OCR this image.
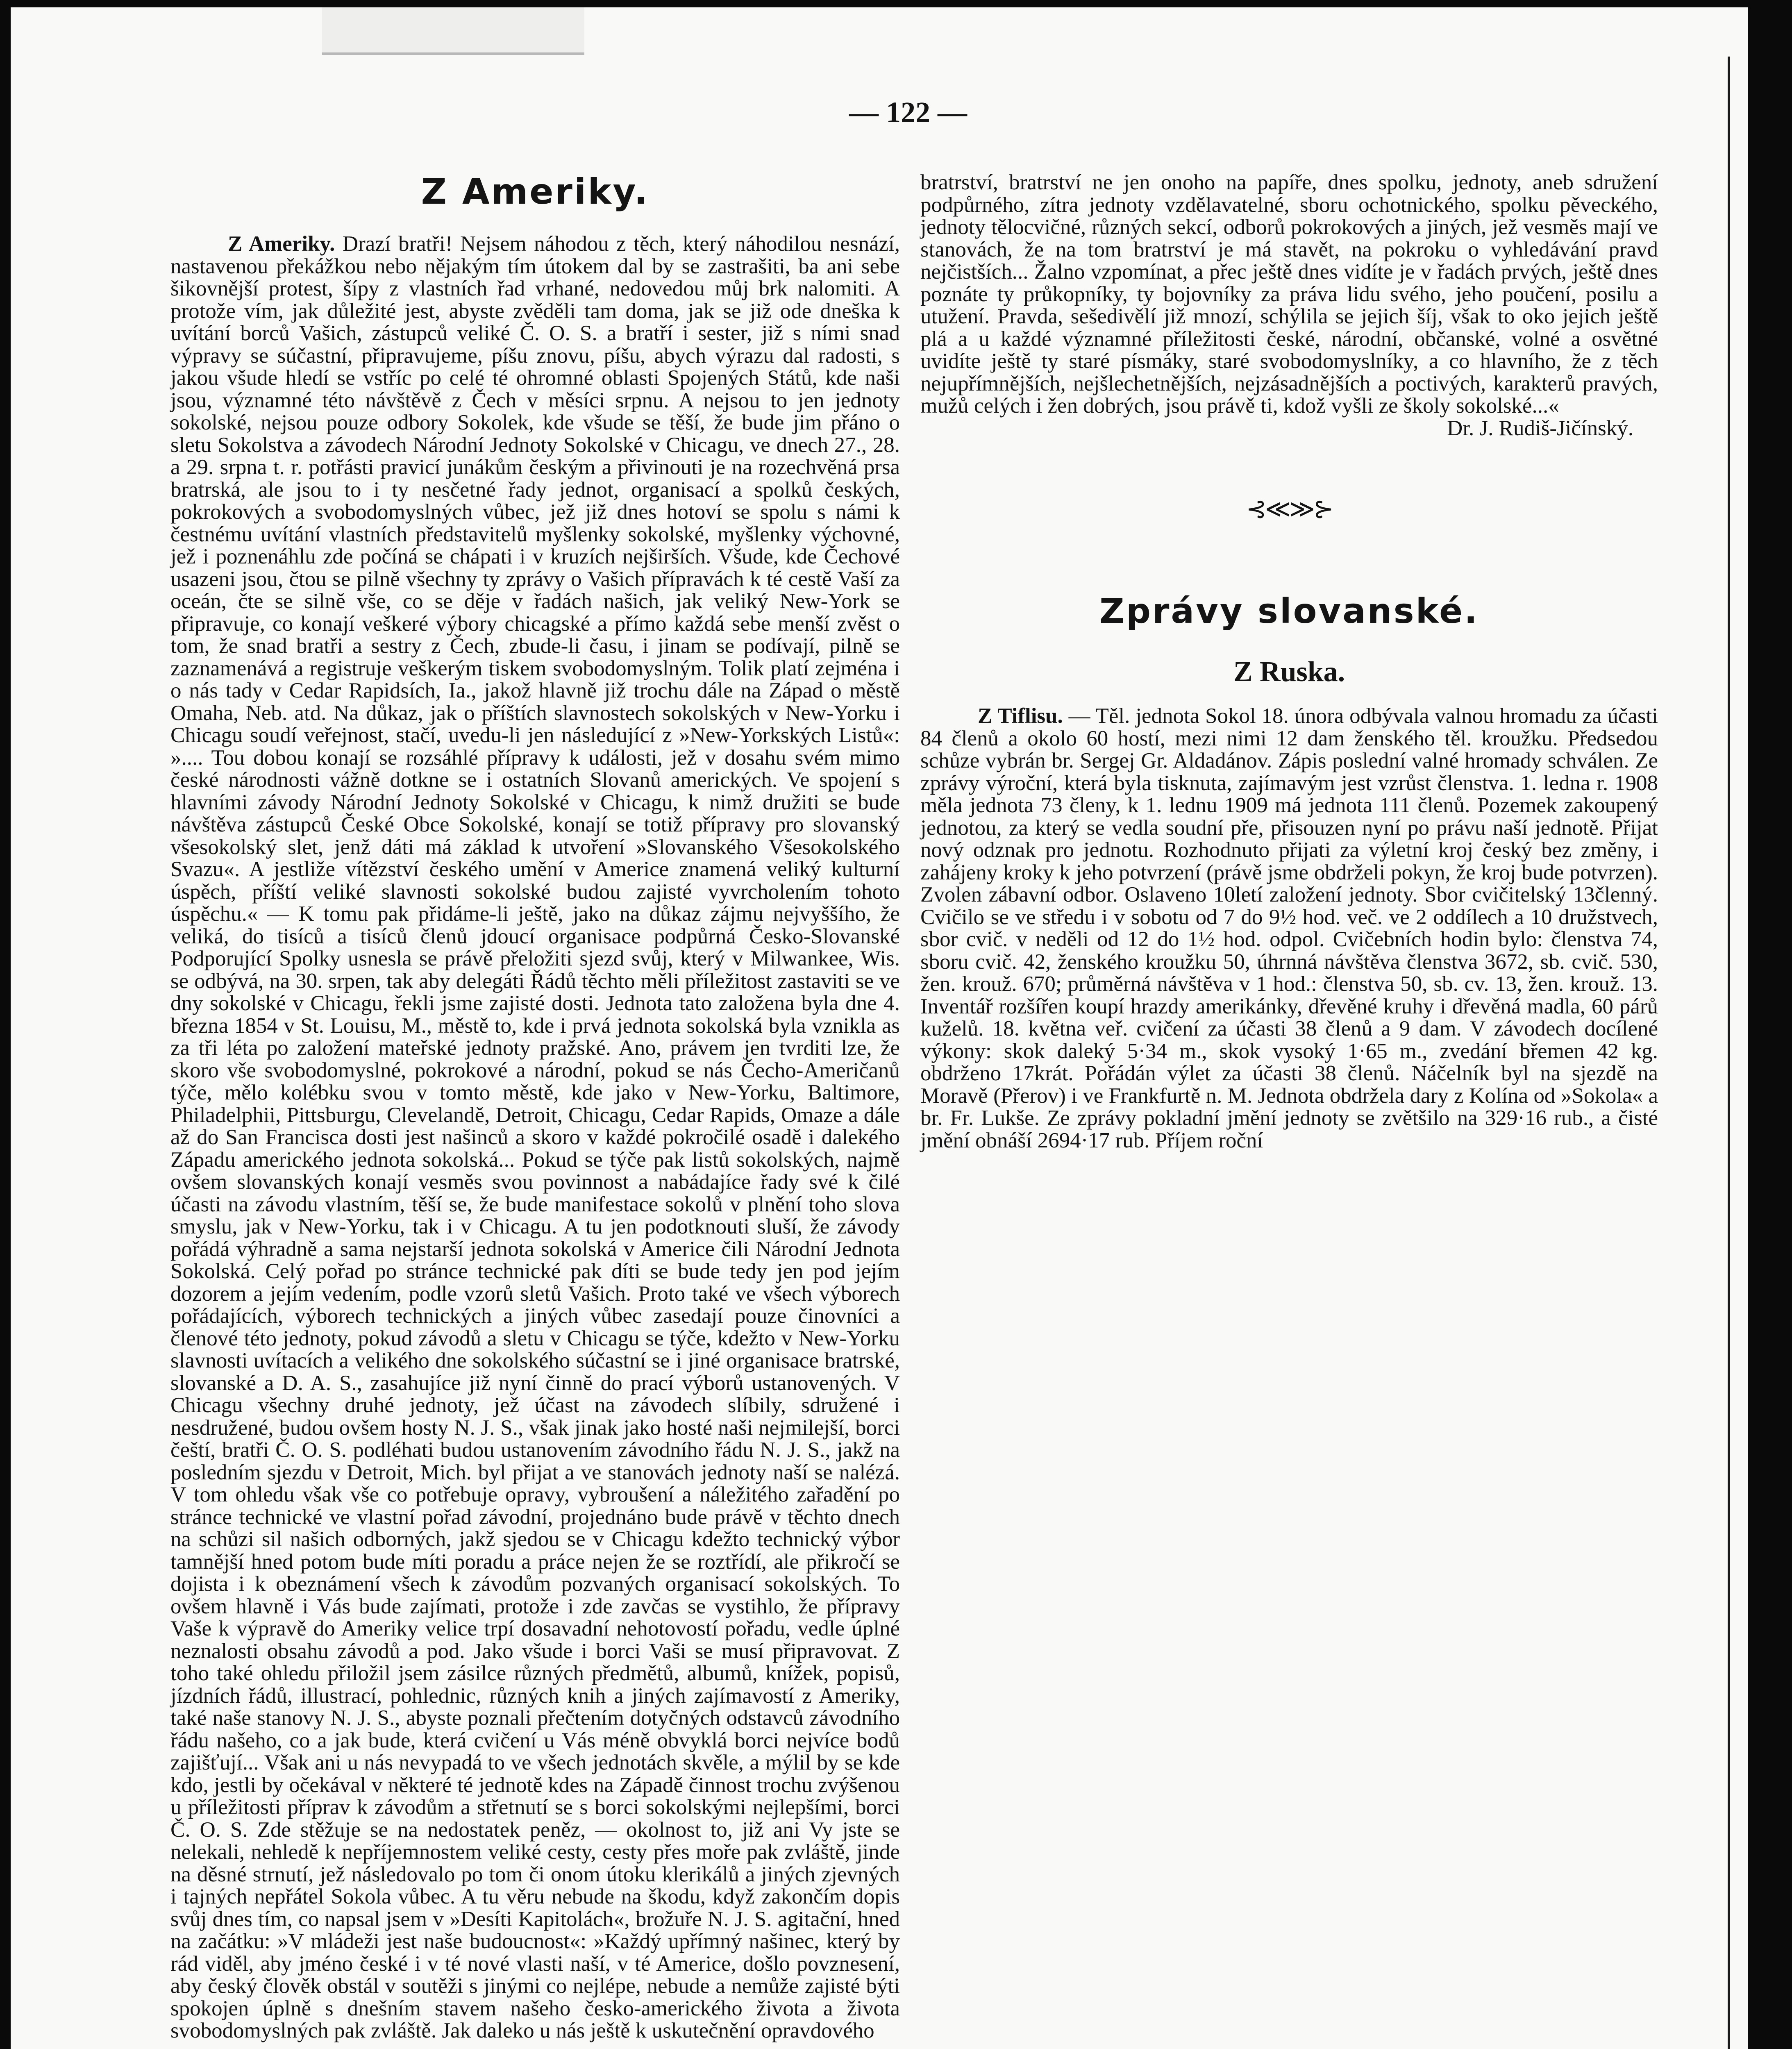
— 122 —
Z Ameriky.

Z Ameriky. Drazí bratři! Nejsem náhodou z těch, který náhodilou nesnází, nastavenou překážkou nebo nějakým tím útokem dal by se zastrašiti, ba ani sebe šikovnější protest, šípy z vlastních řad vrhané, nedovedou můj brk nalomiti. A protože vím, jak důležité jest, abyste zvěděli tam doma, jak se již ode dneška k uvítání borců Vašich, zástupců veliké Č. O. S. a bratří i sester, již s ními snad výpravy se súčastní, připravujeme, píšu znovu, píšu, abych výrazu dal radosti, s jakou všude hledí se vstříc po celé té ohromné oblasti Spojených Států, kde naši jsou, významné této návštěvě z Čech v měsíci srpnu. A nejsou to jen jednoty sokolské, nejsou pouze odbory Sokolek, kde všude se těší, že bude jim přáno o sletu Sokolstva a závodech Národní Jednoty Sokolské v Chicagu, ve dnech 27., 28. a 29. srpna t. r. potřásti pravicí junákům českým a přivinouti je na rozechvěná prsa bratrská, ale jsou to i ty nesčetné řady jednot, organisací a spolků českých, pokrokových a svobodomyslných vůbec, jež již dnes hotoví se spolu s námi k čestnému uvítání vlastních představitelů myšlenky sokolské, myšlenky výchovné, jež i poznenáhlu zde počíná se chápati i v kruzích nejširších. Všude, kde Čechové usazeni jsou, čtou se pilně všechny ty zprávy o Vašich přípravách k té cestě Vaší za oceán, čte se silně vše, co se děje v řadách našich, jak veliký New-York se připravuje, co konají veškeré výbory chicagské a přímo každá sebe menší zvěst o tom, že snad bratři a sestry z Čech, zbude-li času, i jinam se podívají, pilně se zaznamenává a registruje veškerým tiskem svobodomyslným. Tolik platí zejména i o nás tady v Cedar Rapidsích, Ia., jakož hlavně již trochu dále na Západ o městě Omaha, Neb. atd. Na důkaz, jak o příštích slavnostech sokolských v New-Yorku i Chicagu soudí veřejnost, stačí, uvedu-li jen následující z »New-Yorkských Listů«: ».... Tou dobou konají se rozsáhlé přípravy k události, jež v dosahu svém mimo české národnosti vážně dotkne se i ostatních Slovanů amerických. Ve spojení s hlavními závody Národní Jednoty Sokolské v Chicagu, k nimž družiti se bude návštěva zástupců České Obce Sokolské, konají se totiž přípravy pro slovanský všesokolský slet, jenž dáti má základ k utvoření »Slovanského Všesokolského Svazu«. A jestliže vítězství českého umění v Americe znamená veliký kulturní úspěch, příští veliké slavnosti sokolské budou zajisté vyvrcholením tohoto úspěchu.« — K tomu pak přidáme-li ještě, jako na důkaz zájmu nejvyššího, že veliká, do tisíců a tisíců členů jdoucí organisace podpůrná Česko-Slovanské Podporující Spolky usnesla se právě přeložiti sjezd svůj, který v Milwankee, Wis. se odbývá, na 30. srpen, tak aby delegáti Řádů těchto měli příležitost zastaviti se ve dny sokolské v Chicagu, řekli jsme zajisté dosti. Jednota tato založena byla dne 4. března 1854 v St. Louisu, M., městě to, kde i prvá jednota sokolská byla vznikla as za tři léta po založení mateřské jednoty pražské. Ano, právem jen tvrditi lze, že skoro vše svobodomyslné, pokrokové a národní, pokud se nás Čecho-Američanů týče, mělo kolébku svou v tomto městě, kde jako v New-Yorku, Baltimore, Philadelphii, Pittsburgu, Clevelandě, Detroit, Chicagu, Cedar Rapids, Omaze a dále až do San Francisca dosti jest našinců a skoro v každé pokročilé osadě i dalekého Západu amerického jednota sokolská... Pokud se týče pak listů sokolských, najmě ovšem slovanských konají vesměs svou povinnost a nabádajíce řady své k čilé účasti na závodu vlastním, těší se, že bude manifestace sokolů v plnění toho slova smyslu, jak v New-Yorku, tak i v Chicagu. A tu jen podotknouti sluší, že závody pořádá výhradně a sama nejstarší jednota sokolská v Americe čili Národní Jednota Sokolská. Celý pořad po stránce technické pak díti se bude tedy jen pod jejím dozorem a jejím vedením, podle vzorů sletů Vašich. Proto také ve všech výborech pořádajících, výborech technických a jiných vůbec zasedají pouze činovníci a členové této jednoty, pokud závodů a sletu v Chicagu se týče, kdežto v New-Yorku slavnosti uvítacích a velikého dne sokolského súčastní se i jiné organisace bratrské, slovanské a D. A. S., zasahujíce již nyní činně do prací výborů ustanovených. V Chicagu všechny druhé jednoty, jež účast na závodech slíbily, sdružené i nesdružené, budou ovšem hosty N. J. S., však jinak jako hosté naši nejmilejší, borci čeští, bratři Č. O. S. podléhati budou ustanovením závodního řádu N. J. S., jakž na posledním sjezdu v Detroit, Mich. byl přijat a ve stanovách jednoty naší se nalézá. V tom ohledu však vše co potřebuje opravy, vybroušení a náležitého zařadění po stránce technické ve vlastní pořad závodní, projednáno bude právě v těchto dnech na schůzi sil našich odborných, jakž sjedou se v Chicagu kdežto technický výbor tamnější hned potom bude míti poradu a práce nejen že se roztřídí, ale přikročí se dojista i k obeznámení všech k závodům pozvaných organisací sokolských. To ovšem hlavně i Vás bude zajímati, protože i zde zavčas se vystihlo, že přípravy Vaše k výpravě do Ameriky velice trpí dosavadní nehotovostí pořadu, vedle úplné neznalosti obsahu závodů a pod. Jako všude i borci Vaši se musí připravovat. Z toho také ohledu přiložil jsem zásilce různých předmětů, albumů, knížek, popisů, jízdních řádů, illustrací, pohlednic, různých knih a jiných zajímavostí z Ameriky, také naše stanovy N. J. S., abyste poznali přečtením dotyčných odstavců závodního řádu našeho, co a jak bude, která cvičení u Vás méně obvyklá borci nejvíce bodů zajišťují... Však ani u nás nevypadá to ve všech jednotách skvěle, a mýlil by se kde kdo, jestli by očekával v některé té jednotě kdes na Západě činnost trochu zvýšenou u příležitosti příprav k závodům a střetnutí se s borci sokolskými nejlepšími, borci Č. O. S. Zde stěžuje se na nedostatek peněz, — okolnost to, již ani Vy jste se nelekali, nehledě k nepříjemnostem veliké cesty, cesty přes moře pak zvláště, jinde na děsné strnutí, jež následovalo po tom či onom útoku klerikálů a jiných zjevných i tajných nepřátel Sokola vůbec. A tu věru nebude na škodu, když zakončím dopis svůj dnes tím, co napsal jsem v »Desíti Kapitolách«, brožuře N. J. S. agitační, hned na začátku: »V mládeži jest naše budoucnost«: »Každý upřímný našinec, který by rád viděl, aby jméno české i v té nové vlasti naší, v té Americe, došlo povznesení, aby český člověk obstál v soutěži s jinými co nejlépe, nebude a nemůže zajisté býti spokojen úplně s dnešním stavem našeho česko-amerického života a života svobodomyslných pak zvláště. Jak daleko u nás ještě k uskutečnění opravdového

bratrství, bratrství ne jen onoho na papíře, dnes spolku, jednoty, aneb sdružení podpůrného, zítra jednoty vzdělavatelné, sboru ochotnického, spolku pěveckého, jednoty tělocvičné, různých sekcí, odborů pokrokových a jiných, jež vesměs mají ve stanovách, že na tom bratrství je má stavět, na pokroku o vyhledávání pravd nejčistších... Žalno vzpomínat, a přec ještě dnes vidíte je v řadách prvých, ještě dnes poznáte ty průkopníky, ty bojovníky za práva lidu svého, jeho poučení, posilu a utužení. Pravda, sešedivělí již mnozí, schýlila se jejich šíj, však to oko jejich ještě plá a u každé významné příležitosti české, národní, občanské, volné a osvětné uvidíte ještě ty staré písmáky, staré svobodomyslníky, a co hlavního, že z těch nejupřímnějších, nejšlechetnějších, nejzásadnějších a poctivých, karakterů pravých, mužů celých i žen dobrých, jsou právě ti, kdož vyšli ze školy sokolské...«

Dr. J. Rudiš-Jičínský.

⊰≪≫⊱
Zprávy slovanské.
Z Ruska.

Z Tiflisu. — Těl. jednota Sokol 18. února odbývala valnou hromadu za účasti 84 členů a okolo 60 hostí, mezi nimi 12 dam ženského těl. kroužku. Předsedou schůze vybrán br. Sergej Gr. Aldadánov. Zápis poslední valné hromady schválen. Ze zprávy výroční, která byla tisknuta, zajímavým jest vzrůst členstva. 1. ledna r. 1908 měla jednota 73 členy, k 1. lednu 1909 má jednota 111 členů. Pozemek zakoupený jednotou, za který se vedla soudní pře, přisouzen nyní po právu naší jednotě. Přijat nový odznak pro jednotu. Rozhodnuto přijati za výletní kroj český bez změny, i zahájeny kroky k jeho potvrzení (právě jsme obdrželi pokyn, že kroj bude potvrzen). Zvolen zábavní odbor. Oslaveno 10letí založení jednoty. Sbor cvičitelský 13členný. Cvičilo se ve středu i v sobotu od 7 do 9½ hod. več. ve 2 oddílech a 10 družstvech, sbor cvič. v neděli od 12 do 1½ hod. odpol. Cvičebních hodin bylo: členstva 74, sboru cvič. 42, ženského kroužku 50, úhrnná návštěva členstva 3672, sb. cvič. 530, žen. krouž. 670; průměrná návštěva v 1 hod.: členstva 50, sb. cv. 13, žen. krouž. 13. Inventář rozšířen koupí hrazdy amerikánky, dřevěné kruhy i dřevěná madla, 60 párů kuželů. 18. května veř. cvičení za účasti 38 členů a 9 dam. V závodech docílené výkony: skok daleký 5·34 m., skok vysoký 1·65 m., zvedání břemen 42 kg. obdrženo 17krát. Pořádán výlet za účasti 38 členů. Náčelník byl na sjezdě na Moravě (Přerov) i ve Frankfurtě n. M. Jednota obdržela dary z Kolína od »Sokola« a br. Fr. Lukše. Ze zprávy pokladní jmění jednoty se zvětšilo na 329·16 rub., a čisté jmění obnáší 2694·17 rub. Příjem roční
